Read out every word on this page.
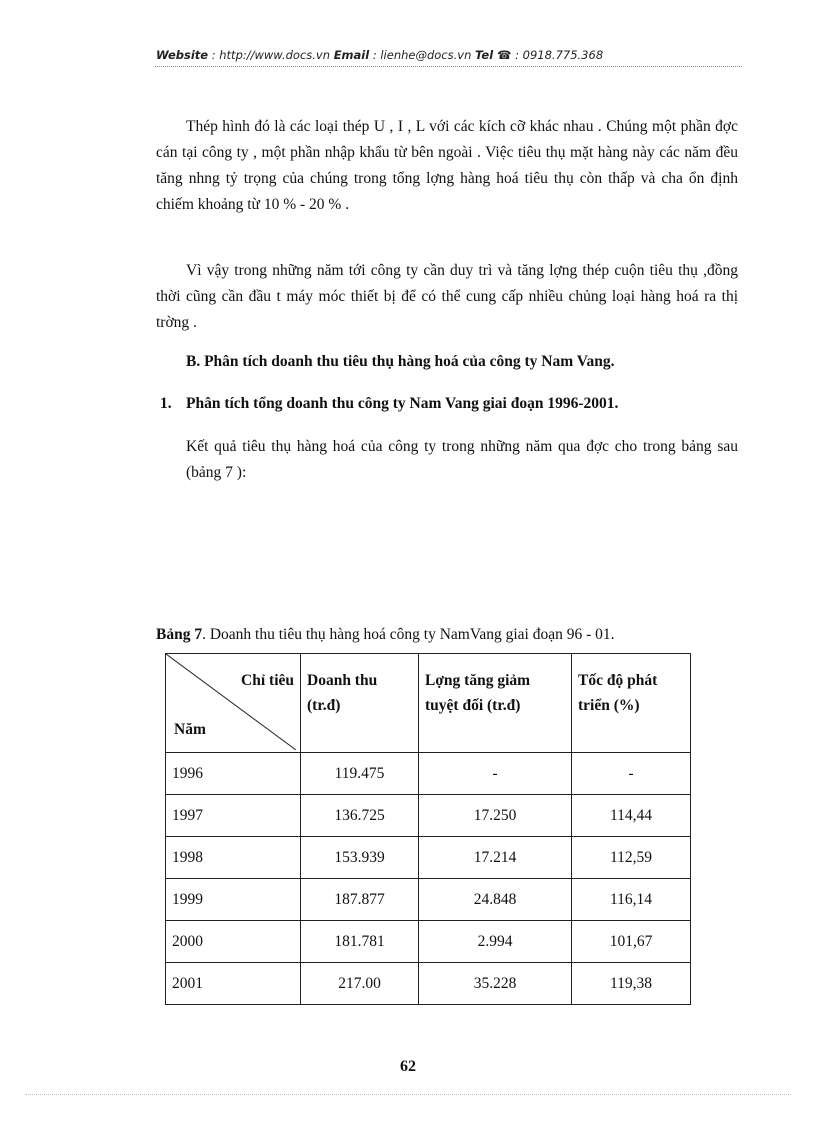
Website : http://www.docs.vn Email : lienhe@docs.vn Tel ☎ : 0918.775.368

Thép hình đó là các loại thép U , I , L với các kích cỡ khác nhau . Chúng một phần đợc cán tại công ty , một phần nhập khẩu từ bên ngoài . Việc tiêu thụ mặt hàng này các năm đều tăng nhng tỷ trọng của chúng trong tổng lợng hàng hoá tiêu thụ còn thấp và cha ổn định chiếm khoảng từ 10 % - 20 % .

Vì vậy trong những năm tới công ty cần duy trì và tăng lợng thép cuộn tiêu thụ ,đồng thời cũng cần đầu t máy móc thiết bị để có thể cung cấp nhiều chủng loại hàng hoá ra thị trờng .

B. Phân tích doanh thu tiêu thụ hàng hoá của công ty Nam Vang.

1. Phân tích tổng doanh thu công ty Nam Vang giai đoạn 1996-2001.

Kết quả tiêu thụ hàng hoá của công ty trong những năm qua đợc cho trong bảng sau (bảng 7 ):

Bảng 7. Doanh thu tiêu thụ hàng hoá công ty NamVang giai đoạn 96 - 01.
Chỉ tiêu
Năm	Doanh thu (tr.đ)	Lợng tăng giảm tuyệt đối (tr.đ)	Tốc độ phát triển (%)
1996	119.475	-	-
1997	136.725	17.250	114,44
1998	153.939	17.214	112,59
1999	187.877	24.848	116,14
2000	181.781	2.994	101,67
2001	217.00	35.228	119,38
62
